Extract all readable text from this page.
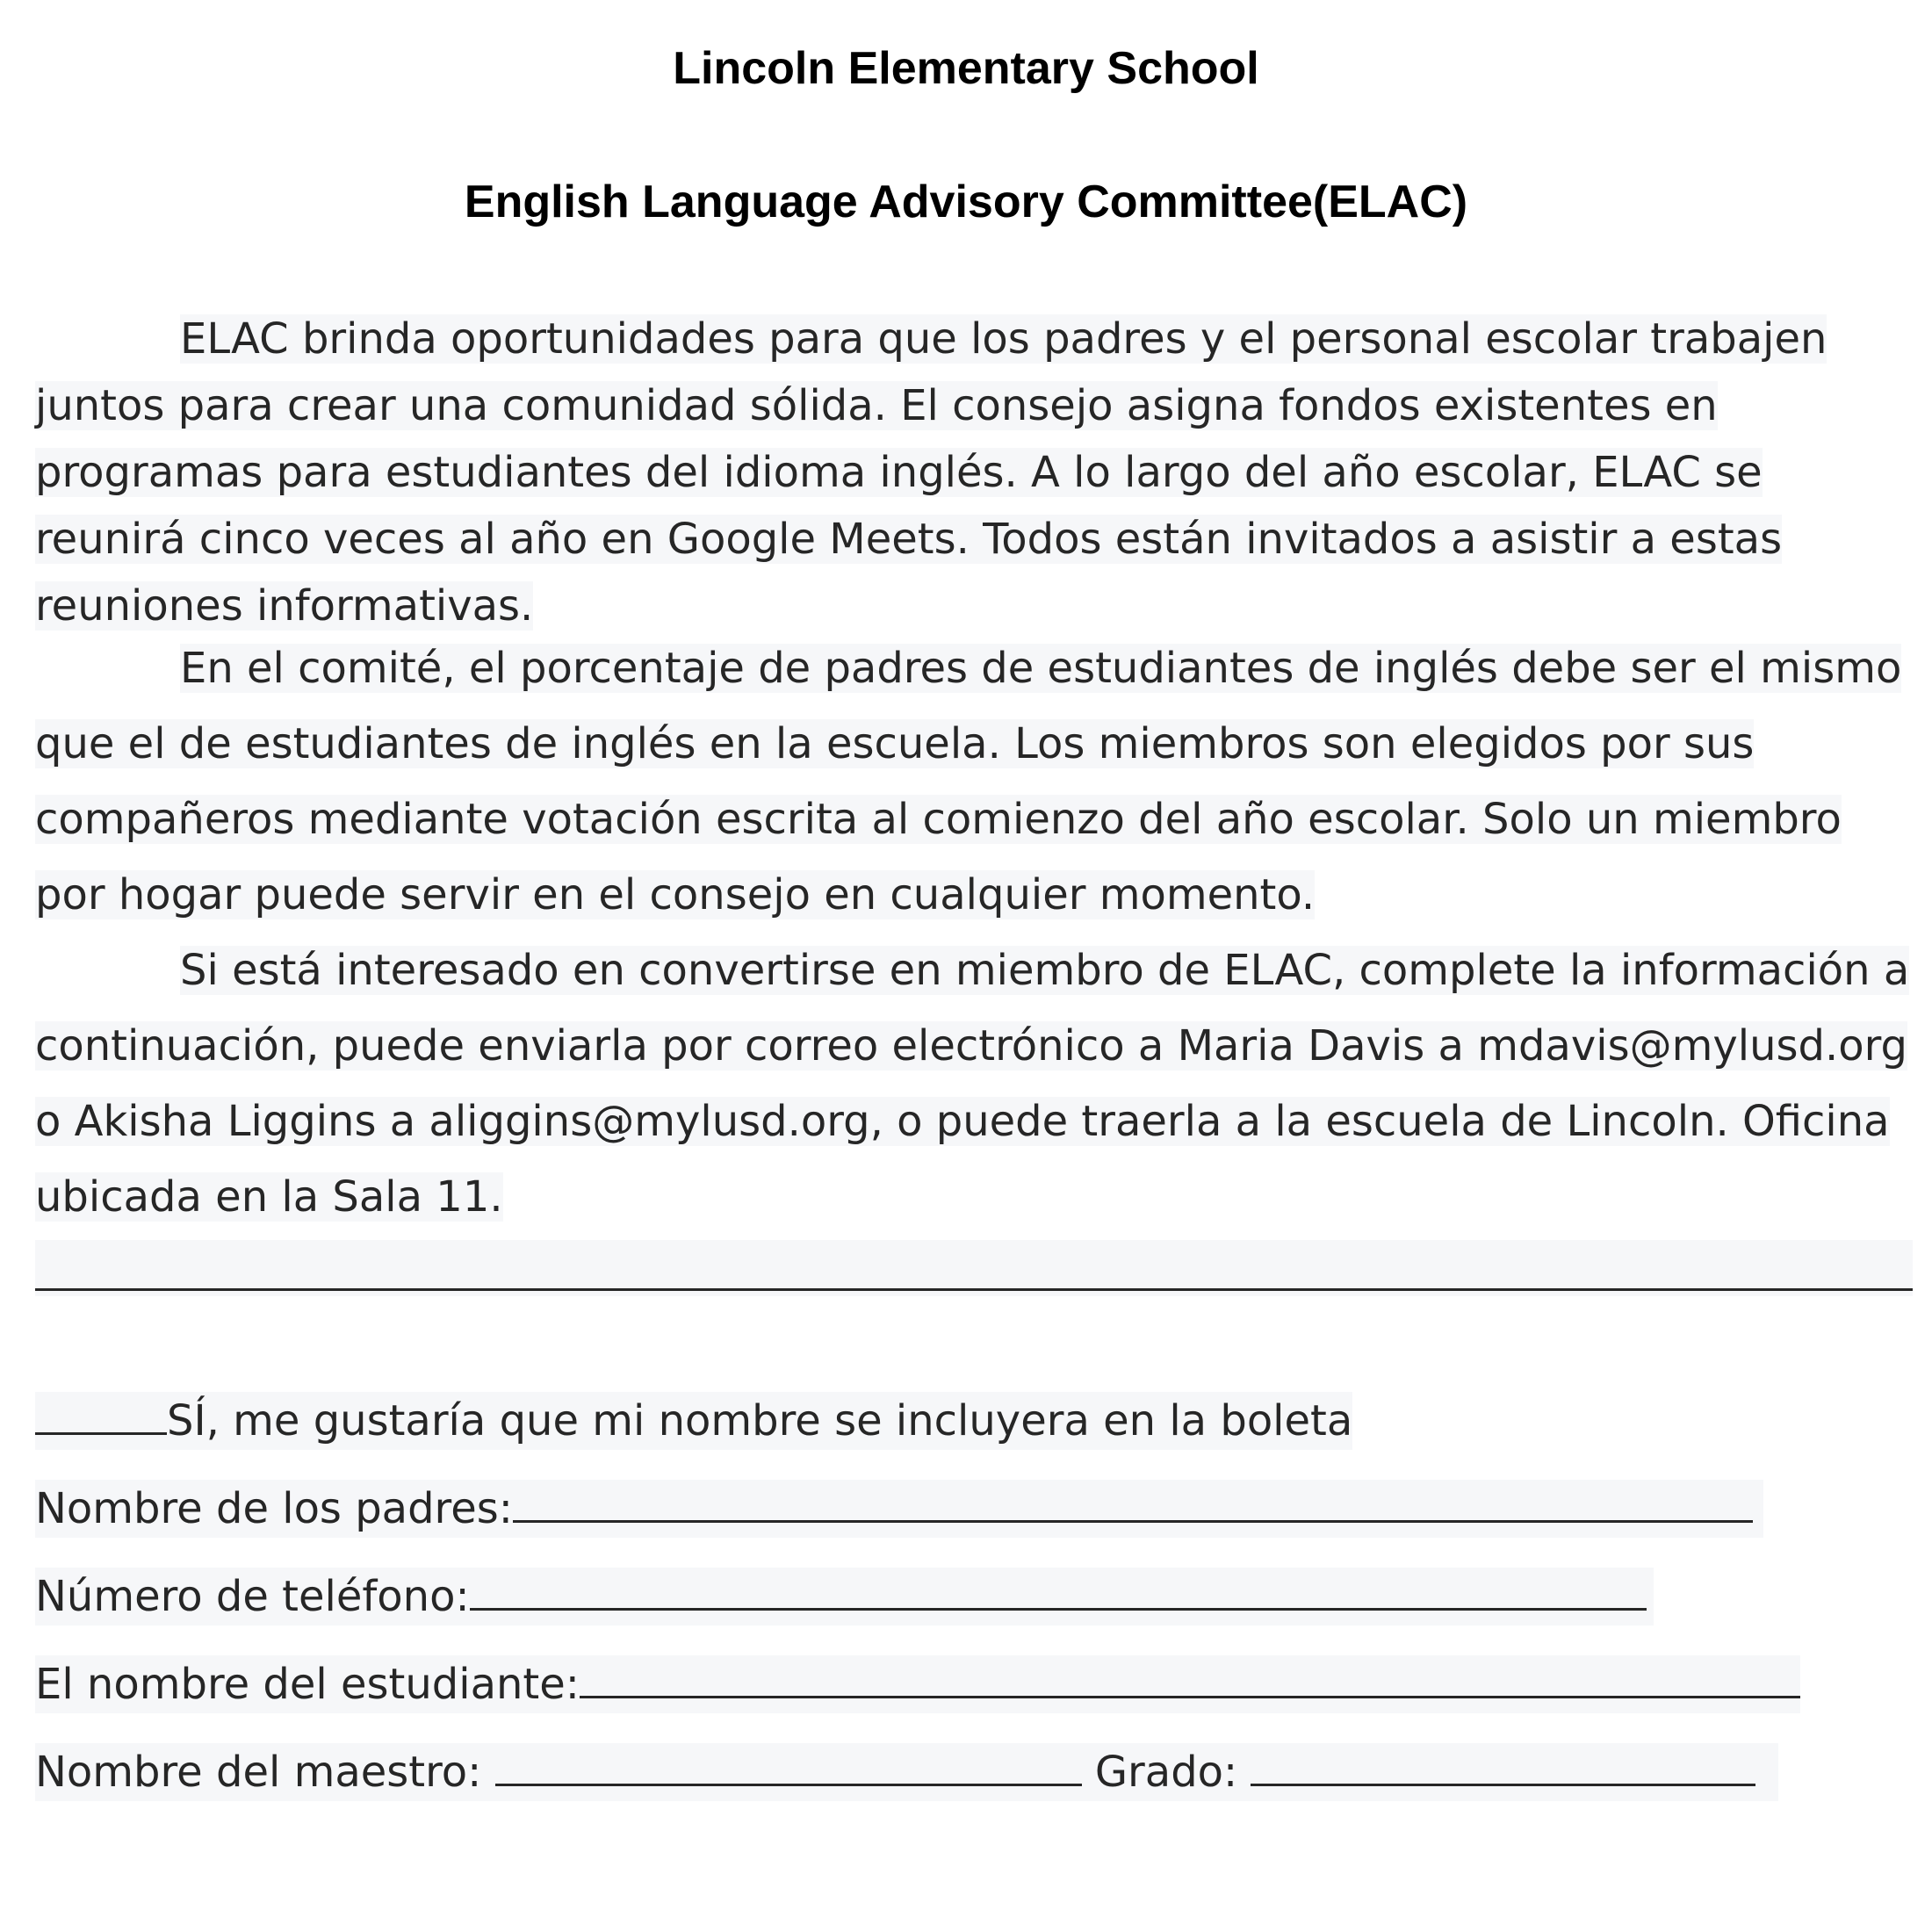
Lincoln Elementary School
English Language Advisory Committee(ELAC)

ELAC brinda oportunidades para que los padres y el personal escolar trabajen juntos para crear una comunidad sólida. El consejo asigna fondos existentes en programas para estudiantes del idioma inglés. A lo largo del año escolar, ELAC se reunirá cinco veces al año en Google Meets. Todos están invitados a asistir a estas reuniones informativas.

En el comité, el porcentaje de padres de estudiantes de inglés debe ser el mismo que el de estudiantes de inglés en la escuela. Los miembros son elegidos por sus compañeros mediante votación escrita al comienzo del año escolar. Solo un miembro por hogar puede servir en el consejo en cualquier momento.

Si está interesado en convertirse en miembro de ELAC, complete la información a continuación, puede enviarla por correo electrónico a Maria Davis a mdavis@mylusd.org o Akisha Liggins a aliggins@mylusd.org, o puede traerla a la escuela de Lincoln. Oficina ubicada en la Sala 11.

SÍ, me gustaría que mi nombre se incluyera en la boleta
Nombre de los padres:
Número de teléfono:
El nombre del estudiante:
Nombre del maestro:	Grado:
